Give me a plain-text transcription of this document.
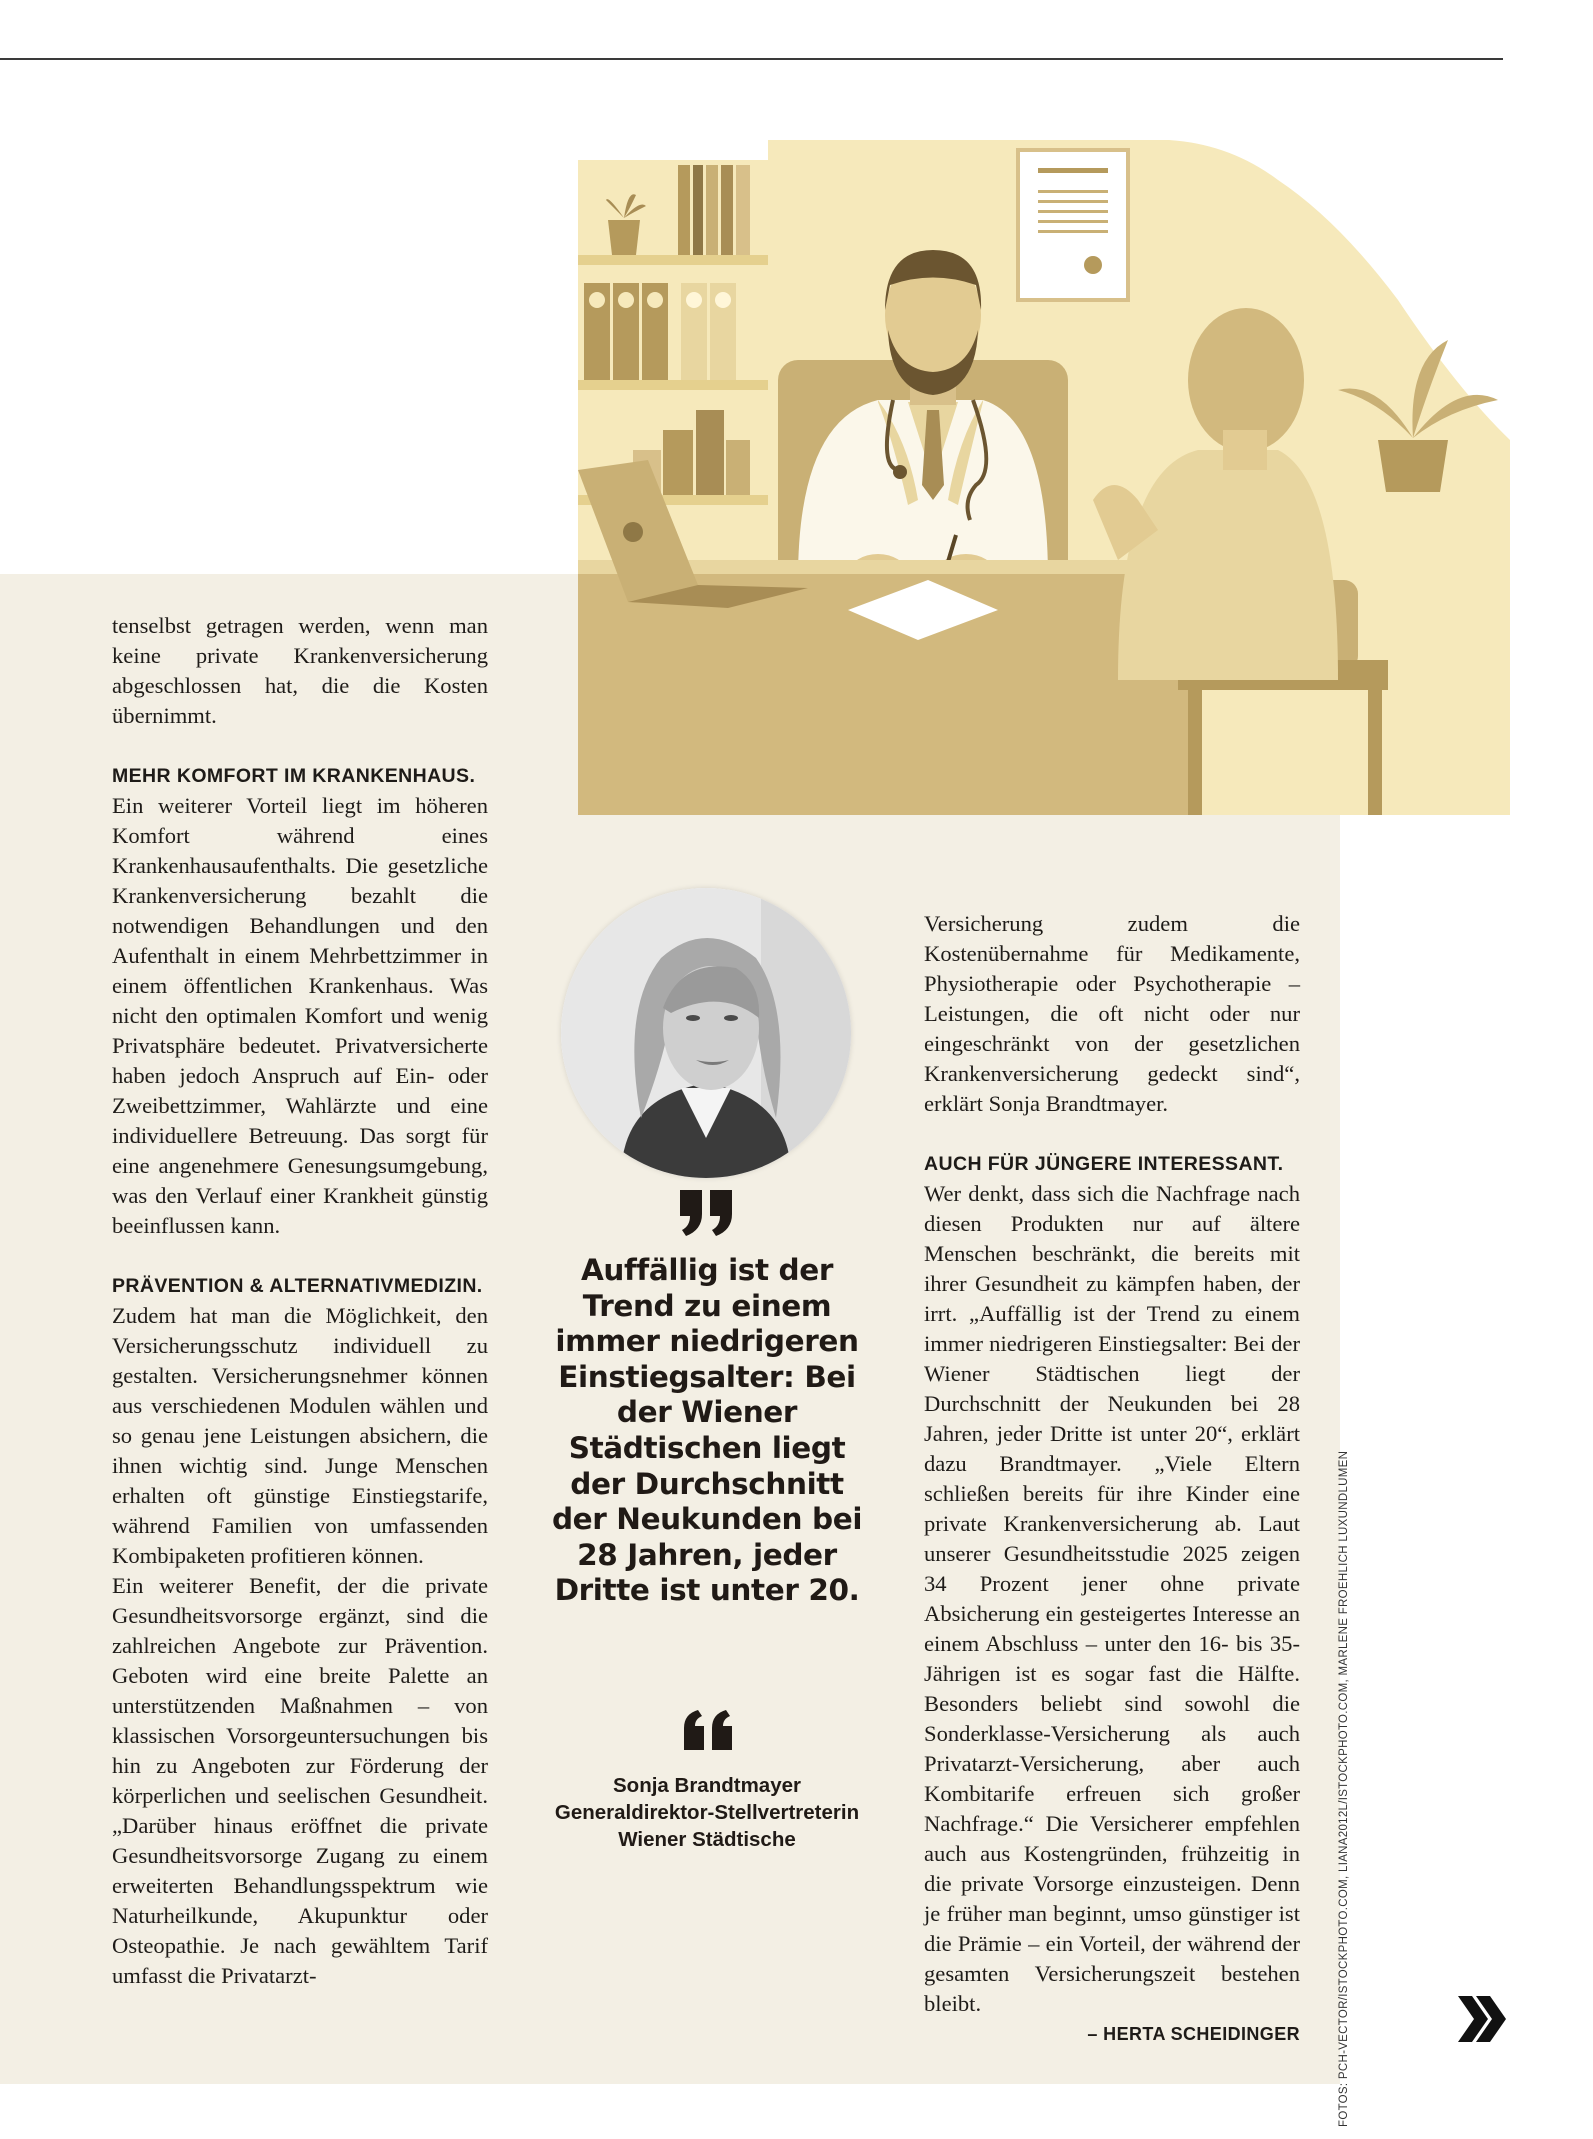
tenselbst getragen werden, wenn man keine private Krankenversicherung abgeschlossen hat, die die Kosten übernimmt.

MEHR KOMFORT IM KRANKENHAUS.

Ein weiterer Vorteil liegt im höheren Komfort während eines Krankenhausaufenthalts. Die gesetzliche Krankenversicherung bezahlt die notwendigen Behandlungen und den Aufenthalt in einem Mehrbettzimmer in einem öffentlichen Krankenhaus. Was nicht den optimalen Komfort und wenig Privatsphäre bedeutet. Privatversicherte haben jedoch Anspruch auf Ein- oder Zweibettzimmer, Wahlärzte und eine individuellere Betreuung. Das sorgt für eine angenehmere Genesungsumgebung, was den Verlauf einer Krankheit günstig beeinflussen kann.

PRÄVENTION & ALTERNATIVMEDIZIN.

Zudem hat man die Möglichkeit, den Versicherungsschutz individuell zu gestalten. Versicherungsnehmer können aus verschiedenen Modulen wählen und so genau jene Leistungen absichern, die ihnen wichtig sind. Junge Menschen erhalten oft günstige Einstiegstarife, während Familien von umfassenden Kombipaketen profitieren können.

Ein weiterer Benefit, der die private Gesundheitsvorsorge ergänzt, sind die zahlreichen Angebote zur Prävention. Geboten wird eine breite Palette an unterstützenden Maßnahmen – von klassischen Vorsorgeuntersuchungen bis hin zu Angeboten zur Förderung der körperlichen und seelischen Gesundheit. „Darüber hinaus eröffnet die private Gesundheitsvorsorge Zugang zu einem erweiterten Behandlungsspektrum wie Naturheilkunde, Akupunktur oder Osteopathie. Je nach gewähltem Tarif umfasst die Privatarzt-

Auffällig ist der Trend zu einem immer niedrigeren Einstiegsalter: Bei der Wiener Städtischen liegt der Durchschnitt der Neukunden bei 28 Jahren, jeder Dritte ist unter 20.
Sonja Brandtmayer
Generaldirektor-Stellvertreterin
Wiener Städtische

Versicherung zudem die Kostenübernahme für Medikamente, Physiotherapie oder Psychotherapie – Leistungen, die oft nicht oder nur eingeschränkt von der gesetzlichen Krankenversicherung gedeckt sind“, erklärt Sonja Brandtmayer.

AUCH FÜR JÜNGERE INTERESSANT.

Wer denkt, dass sich die Nachfrage nach diesen Produkten nur auf ältere Menschen beschränkt, die bereits mit ihrer Gesundheit zu kämpfen haben, der irrt. „Auffällig ist der Trend zu einem immer niedrigeren Einstiegsalter: Bei der Wiener Städtischen liegt der Durchschnitt der Neukunden bei 28 Jahren, jeder Dritte ist unter 20“, erklärt dazu Brandtmayer. „Viele Eltern schließen bereits für ihre Kinder eine private Krankenversicherung ab. Laut unserer Gesundheitsstudie 2025 zeigen 34 Prozent jener ohne private Absicherung ein gesteigertes Interesse an einem Abschluss – unter den 16- bis 35-Jährigen ist es sogar fast die Hälfte. Besonders beliebt sind sowohl die Sonderklasse-Versicherung als auch Privatarzt-Versicherung, aber auch Kombitarife erfreuen sich großer Nachfrage.“ Die Versicherer empfehlen auch aus Kostengründen, frühzeitig in die private Vorsorge einzusteigen. Denn je früher man beginnt, umso günstiger ist die Prämie – ein Vorteil, der während der gesamten Versicherungszeit bestehen bleibt.

– HERTA SCHEIDINGER	FOTOS: PCH-VECTOR/ISTOCKPHOTO.COM, LIANA2012L/ISTOCKPHOTO.COM, MARLENE FROEHLICH LUXUNDLUMEN
